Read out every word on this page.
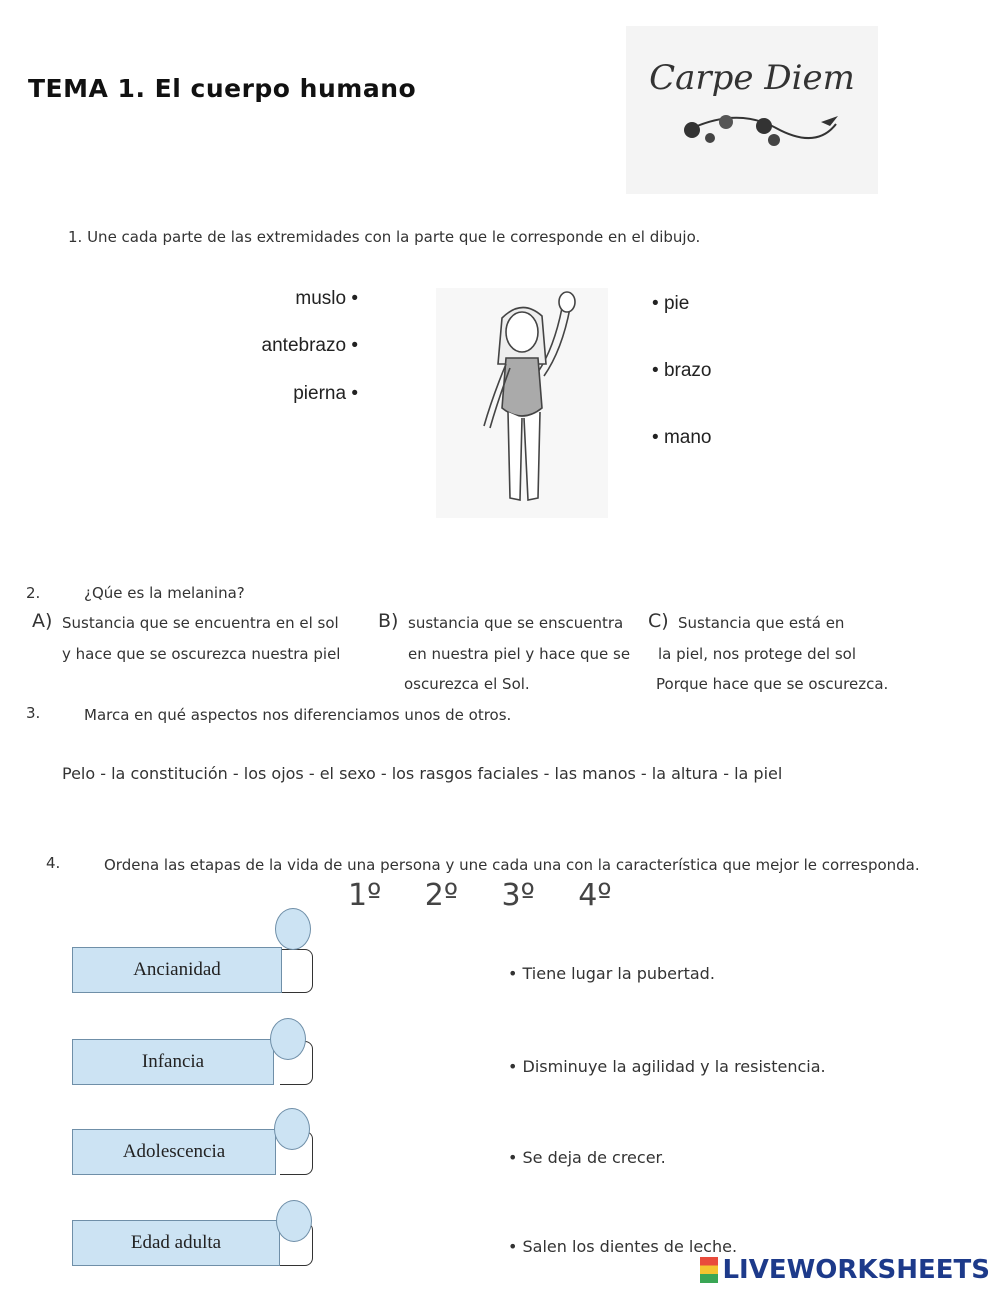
TEMA 1. El cuerpo humano	Carpe Diem
1. Une cada parte de las extremidades con la parte que le corresponde en el dibujo.
muslo •
antebrazo •
pierna •
• pie
• brazo
• mano
2.	¿Qúe es la melanina?
A) Sustancia que se encuentra en el sol
y hace que se oscurezca nuestra piel
B) sustancia que se enscuentra
en nuestra piel y hace que se
oscurezca el Sol.
C) Sustancia que está en
la piel, nos protege del sol
Porque hace que se oscurezca.
3.	Marca en qué aspectos nos diferenciamos unos de otros.
Pelo - la constitución - los ojos - el sexo - los rasgos faciales - las manos - la altura - la piel
4.	Ordena las etapas de la vida de una persona y une cada una con la característica que mejor le corresponda.
1º 2º 3º 4º
Ancianidad
Infancia
Adolescencia
Edad adulta
• Tiene lugar la pubertad.
• Disminuye la agilidad y la resistencia.
• Se deja de crecer.
• Salen los dientes de leche.
LIVEWORKSHEETS
